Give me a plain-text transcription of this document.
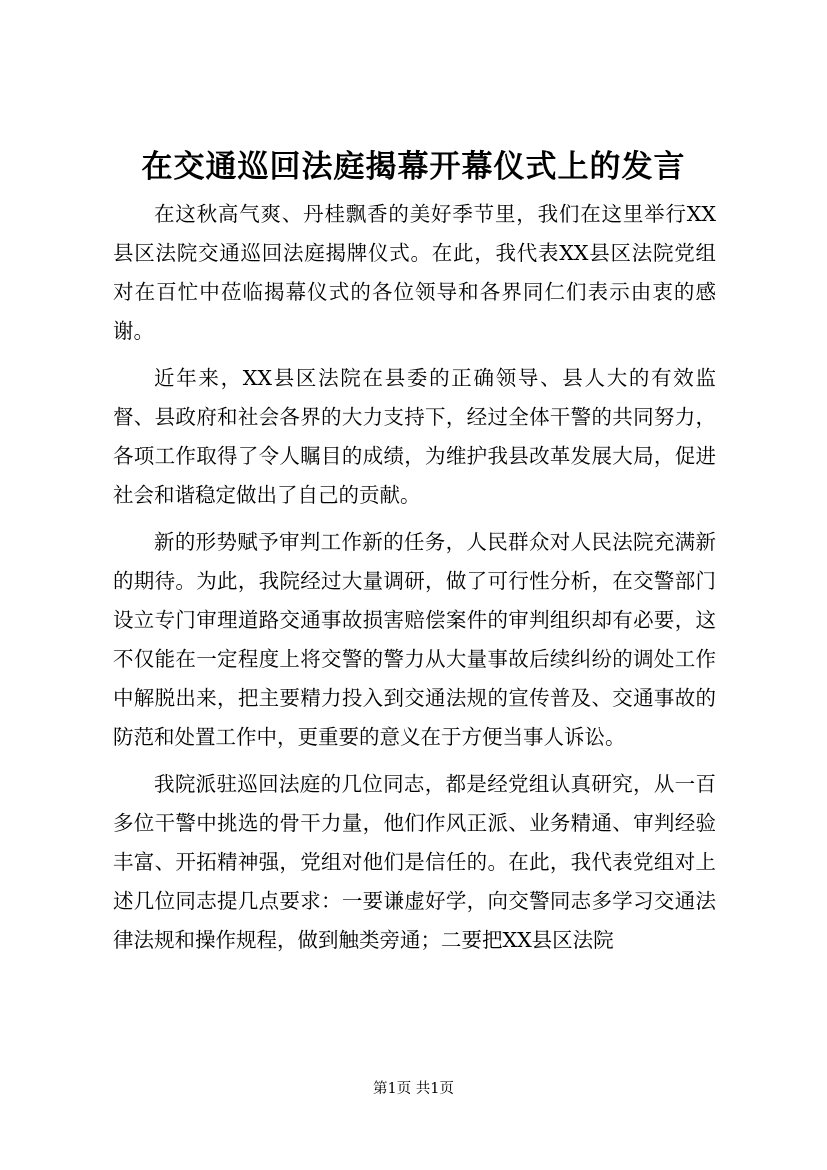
在交通巡回法庭揭幕开幕仪式上的发言

在这秋高气爽、丹桂飘香的美好季节里，我们在这里举行XX县区法院交通巡回法庭揭牌仪式。在此，我代表XX县区法院党组对在百忙中莅临揭幕仪式的各位领导和各界同仁们表示由衷的感谢。

近年来，XX县区法院在县委的正确领导、县人大的有效监督、县政府和社会各界的大力支持下，经过全体干警的共同努力，各项工作取得了令人瞩目的成绩，为维护我县改革发展大局，促进社会和谐稳定做出了自己的贡献。

新的形势赋予审判工作新的任务，人民群众对人民法院充满新的期待。为此，我院经过大量调研，做了可行性分析，在交警部门设立专门审理道路交通事故损害赔偿案件的审判组织却有必要，这不仅能在一定程度上将交警的警力从大量事故后续纠纷的调处工作中解脱出来，把主要精力投入到交通法规的宣传普及、交通事故的防范和处置工作中，更重要的意义在于方便当事人诉讼。

我院派驻巡回法庭的几位同志，都是经党组认真研究，从一百多位干警中挑选的骨干力量，他们作风正派、业务精通、审判经验丰富、开拓精神强，党组对他们是信任的。在此，我代表党组对上述几位同志提几点要求：一要谦虚好学，向交警同志多学习交通法律法规和操作规程，做到触类旁通；二要把XX县区法院

第1页 共1页
